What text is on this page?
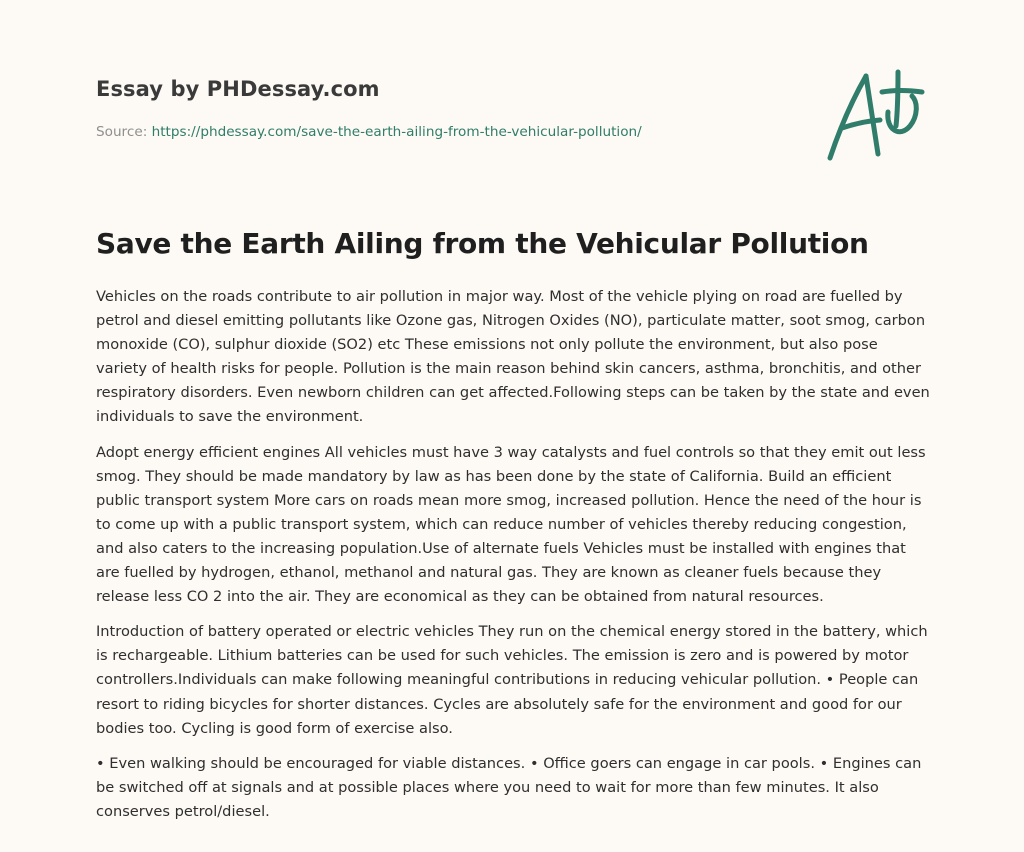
Essay by PHDessay.com
Source: https://phdessay.com/save-the-earth-ailing-from-the-vehicular-pollution/
Save the Earth Ailing from the Vehicular Pollution

Vehicles on the roads contribute to air pollution in major way. Most of the vehicle plying on road are fuelled by petrol and diesel emitting pollutants like Ozone gas, Nitrogen Oxides (NO), particulate matter, soot smog, carbon monoxide (CO), sulphur dioxide (SO2) etc These emissions not only pollute the environment, but also pose variety of health risks for people. Pollution is the main reason behind skin cancers, asthma, bronchitis, and other respiratory disorders. Even newborn children can get affected.Following steps can be taken by the state and even individuals to save the environment.

Adopt energy efficient engines All vehicles must have 3 way catalysts and fuel controls so that they emit out less smog. They should be made mandatory by law as has been done by the state of California. Build an efficient public transport system More cars on roads mean more smog, increased pollution. Hence the need of the hour is to come up with a public transport system, which can reduce number of vehicles thereby reducing congestion, and also caters to the increasing population.Use of alternate fuels Vehicles must be installed with engines that are fuelled by hydrogen, ethanol, methanol and natural gas. They are known as cleaner fuels because they release less CO 2 into the air. They are economical as they can be obtained from natural resources.

Introduction of battery operated or electric vehicles They run on the chemical energy stored in the battery, which is rechargeable. Lithium batteries can be used for such vehicles. The emission is zero and is powered by motor controllers.Individuals can make following meaningful contributions in reducing vehicular pollution. • People can resort to riding bicycles for shorter distances. Cycles are absolutely safe for the environment and good for our bodies too. Cycling is good form of exercise also.

• Even walking should be encouraged for viable distances. • Office goers can engage in car pools. • Engines can be switched off at signals and at possible places where you need to wait for more than few minutes. It also conserves petrol/diesel.
